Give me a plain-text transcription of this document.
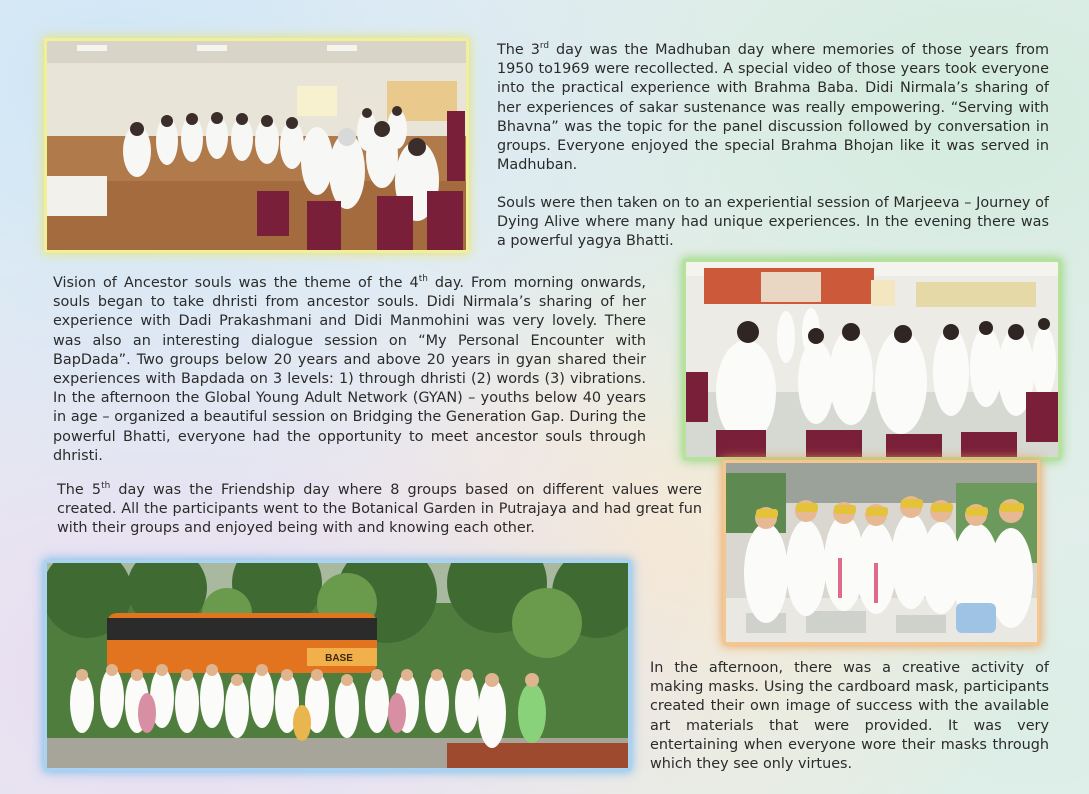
The 3rd day was the Madhuban day where memories of those years from 1950 to1969 were recollected. A special video of those years took everyone into the practical experience with Brahma Baba. Didi Nirmala’s sharing of her experiences of sakar sustenance was really empowering. “Serving with Bhavna” was the topic for the panel discussion followed by conversation in groups. Everyone enjoyed the special Brahma Bhojan like it was served in Madhuban.

Souls were then taken on to an experiential session of Marjeeva – Journey of Dying Alive where many had unique experiences. In the evening there was a powerful yagya Bhatti.

Vision of Ancestor souls was the theme of the 4th day. From morning onwards, souls began to take dhristi from ancestor souls. Didi Nirmala’s sharing of her experience with Dadi Prakashmani and Didi Manmohini was very lovely. There was also an interesting dialogue session on “My Personal Encounter with BapDada”. Two groups below 20 years and above 20 years in gyan shared their experiences with Bapdada on 3 levels: 1) through dhristi (2) words (3) vibrations. In the afternoon the Global Young Adult Network (GYAN) – youths below 40 years in age – organized a beautiful session on Bridging the Generation Gap. During the powerful Bhatti, everyone had the opportunity to meet ancestor souls through dhristi.

The 5th day was the Friendship day where 8 groups based on different values were created. All the participants went to the Botanical Garden in Putrajaya and had great fun with their groups and enjoyed being with and knowing each other.

BASE

In the afternoon, there was a creative activity of making masks. Using the cardboard mask, participants created their own image of success with the available art materials that were provided. It was very entertaining when everyone wore their masks through which they see only virtues.
